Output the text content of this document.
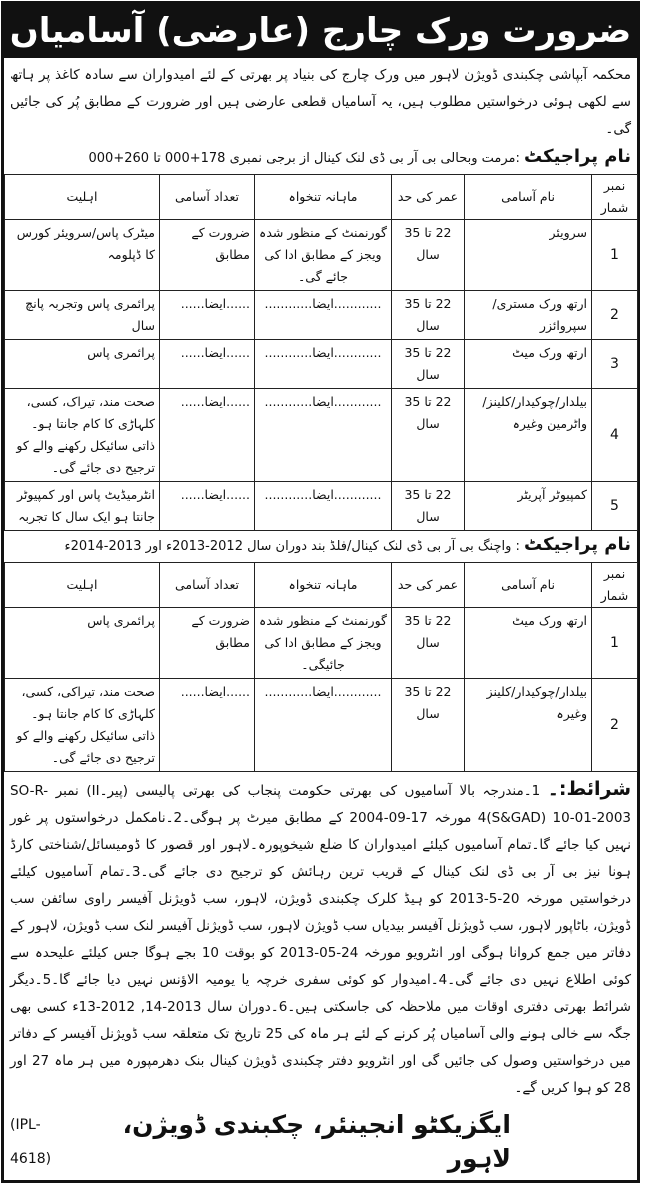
ضرورت ورک چارج (عارضی) آسامیاں
محکمہ آبپاشی چکبندی ڈویژن لاہور میں ورک چارج کی بنیاد پر بھرتی کے لئے امیدواران سے سادہ کاغذ پر ہاتھ سے لکھی ہوئی درخواستیں مطلوب ہیں، یہ آسامیاں قطعی عارضی ہیں اور ضرورت کے مطابق پُر کی جائیں گی۔
نام پراجیکٹ :مرمت وبحالی بی آر بی ڈی لنک کینال از برجی نمبری 178+000 تا 260+000
نمبر شمار	نام آسامی	عمر کی حد	ماہانہ تنخواہ	تعداد آسامی	اہلیت
1	سرویئر	22 تا 35 سال	گورنمنٹ کے منظور شدہ ویجز کے مطابق ادا کی جائے گی۔	ضرورت کے مطابق	میٹرک پاس/سرویئر کورس کا ڈپلومہ
2	ارتھ ورک مستری/سپروائزر	22 تا 35 سال	............ایضا............	......ایضا......	پرائمری پاس وتجربہ پانچ سال
3	ارتھ ورک میٹ	22 تا 35 سال	............ایضا............	......ایضا......	پرائمری پاس
4	بیلدار/چوکیدار/کلینز/واٹرمین وغیرہ	22 تا 35 سال	............ایضا............	......ایضا......	صحت مند، تیراک، کسی، کلہاڑی کا کام جانتا ہو۔ ذاتی سائیکل رکھنے والے کو ترجیح دی جائے گی۔
5	کمپیوٹر آپریٹر	22 تا 35 سال	............ایضا............	......ایضا......	انٹرمیڈیٹ پاس اور کمپیوٹر جانتا ہو ایک سال کا تجربہ
نام پراجیکٹ : واچنگ بی آر بی ڈی لنک کینال/فلڈ بند دوران سال 2012-2013ء اور 2013-2014ء
نمبر شمار	نام آسامی	عمر کی حد	ماہانہ تنخواہ	تعداد آسامی	اہلیت
1	ارتھ ورک میٹ	22 تا 35 سال	گورنمنٹ کے منظور شدہ ویجز کے مطابق ادا کی جائیگی۔	ضرورت کے مطابق	پرائمری پاس
2	بیلدار/چوکیدار/کلینز وغیرہ	22 تا 35 سال	............ایضا............	......ایضا......	صحت مند، تیراکی، کسی، کلہاڑی کا کام جانتا ہو۔ ذاتی سائیکل رکھنے والے کو ترجیح دی جائے گی۔
شرائط:۔ 1۔مندرجہ بالا آسامیوں کی بھرتی حکومت پنجاب کی بھرتی پالیسی (پیر۔II) نمبر SO-R-4(S&GAD) 10-01-2003 مورخہ 17-09-2004 کے مطابق میرٹ پر ہوگی۔2۔نامکمل درخواستوں پر غور نہیں کیا جائے گا۔تمام آسامیوں کیلئے امیدواران کا ضلع شیخوپورہ۔لاہور اور قصور کا ڈومیسائل/شناختی کارڈ ہونا نیز بی آر بی ڈی لنک کینال کے قریب ترین رہائش کو ترجیح دی جائے گی۔3۔تمام آسامیوں کیلئے درخواستیں مورخہ 20-5-2013 کو ہیڈ کلرک چکبندی ڈویژن، لاہور، سب ڈویژنل آفیسر راوی سائفن سب ڈویژن، باٹاپور لاہور، سب ڈویژنل آفیسر بیدیاں سب ڈویژن لاہور، سب ڈویژنل آفیسر لنک سب ڈویژن، لاہور کے دفاتر میں جمع کروانا ہوگی اور انٹرویو مورخہ 24-05-2013 کو بوقت 10 بجے ہوگا جس کیلئے علیحدہ سے کوئی اطلاع نہیں دی جائے گی۔4۔امیدوار کو کوئی سفری خرچہ یا یومیہ الاؤنس نہیں دیا جائے گا۔5۔دیگر شرائط بھرتی دفتری اوقات میں ملاحظہ کی جاسکتی ہیں۔6۔دوران سال 2013-14, 2012-13ء کسی بھی جگہ سے خالی ہونے والی آسامیاں پُر کرنے کے لئے ہر ماہ کی 25 تاریخ تک متعلقہ سب ڈویژنل آفیسر کے دفاتر میں درخواستیں وصول کی جائیں گی اور انٹرویو دفتر چکبندی ڈویژن کینال بنک دھرمپورہ میں ہر ماہ 27 اور 28 کو ہوا کریں گے۔
(IPL-4618)
ایگزیکٹو انجینئر، چکبندی ڈویژن، لاہور
